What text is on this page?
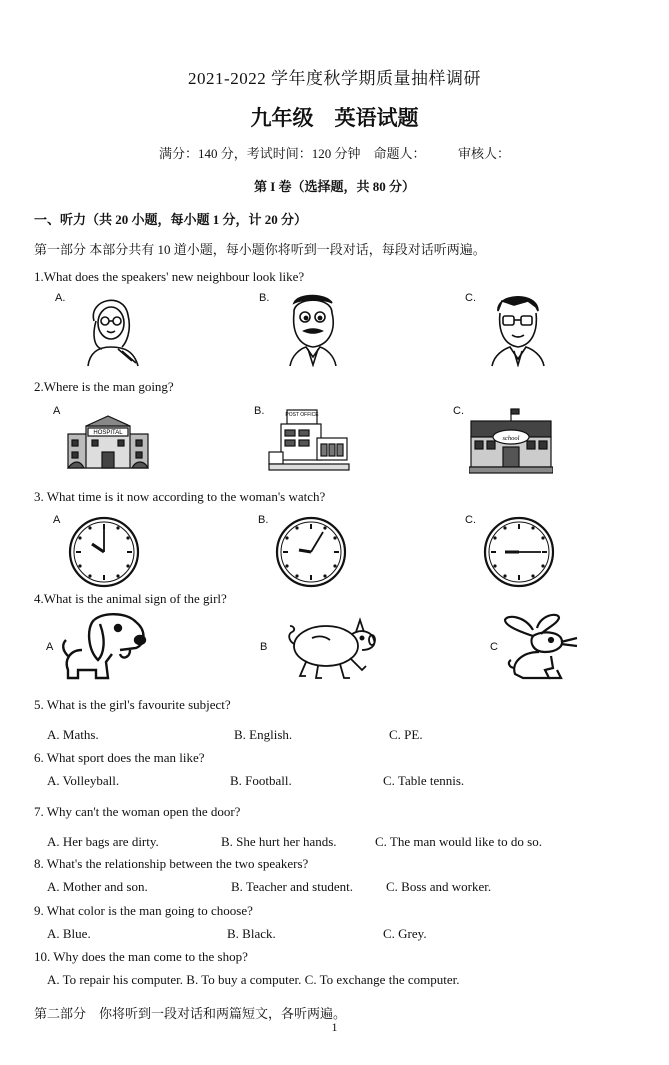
2021-2022 学年度秋学期质量抽样调研
九年级　英语试题
满分：140 分，考试时间：120 分钟　命题人：　　　审核人：
第 I 卷（选择题，共 80 分）
一、听力（共 20 小题，每小题 1 分，计 20 分）
第一部分 本部分共有 10 道小题，每小题你将听到一段对话，每段对话听两遍。
1.What does the speakers' new neighbour look like?
A.	B.	C.
2.Where is the man going?
A	B.	C.
HOSPITAL
POST OFFICE
school
3. What time is it now according to the woman's watch?
A	B.	C.
4.What is the animal sign of the girl?
A	B	C
5. What is the girl's favourite subject?
A. Maths.	B. English.	C. PE.
6. What sport does the man like?
A. Volleyball.	B. Football.	C. Table tennis.
7. Why can't the woman open the door?
A. Her bags are dirty.	B. She hurt her hands.	C. The man would like to do so.
8. What's the relationship between the two speakers?
A. Mother and son.	B. Teacher and student.	C. Boss and worker.
9. What color is the man going to choose?
A. Blue.	B. Black.	C. Grey.
10. Why does the man come to the shop?
A. To repair his computer. B. To buy a computer. C. To exchange the computer.
第二部分　你将听到一段对话和两篇短文，各听两遍。
1
